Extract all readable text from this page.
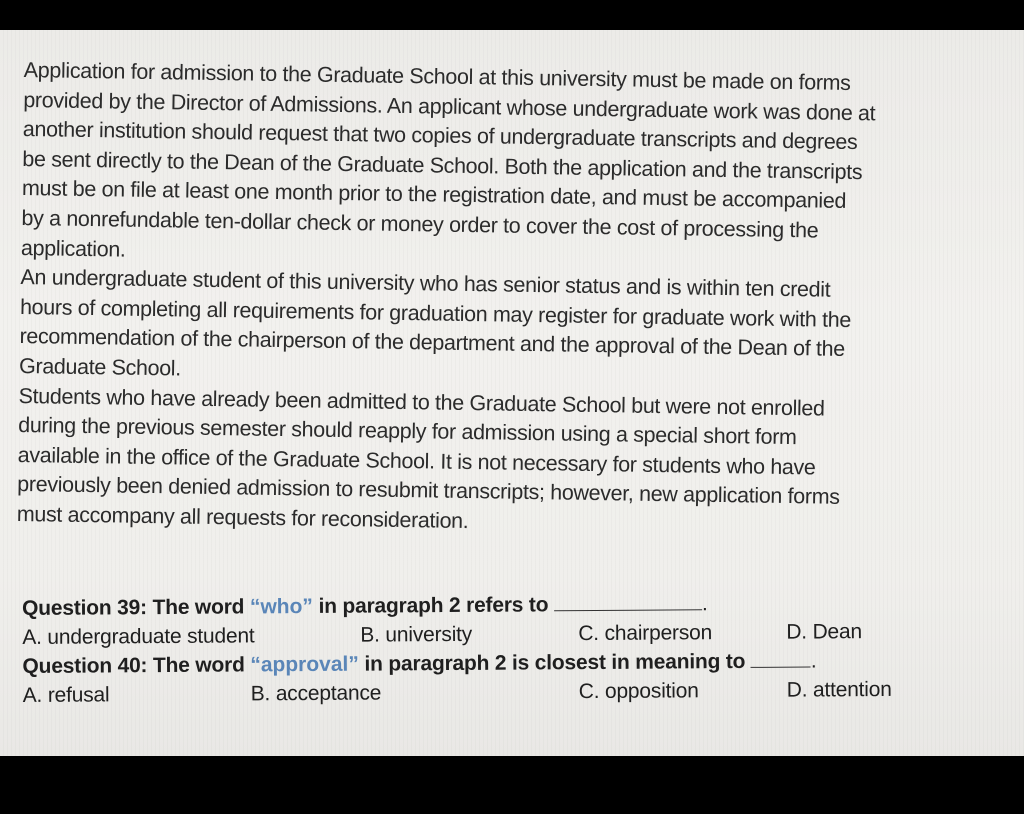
Application for admission to the Graduate School at this university must be made on forms
provided by the Director of Admissions. An applicant whose undergraduate work was done at
another institution should request that two copies of undergraduate transcripts and degrees
be sent directly to the Dean of the Graduate School. Both the application and the transcripts
must be on file at least one month prior to the registration date, and must be accompanied
by a nonrefundable ten-dollar check or money order to cover the cost of processing the
application.

An undergraduate student of this university who has senior status and is within ten credit
hours of completing all requirements for graduation may register for graduate work with the
recommendation of the chairperson of the department and the approval of the Dean of the
Graduate School.

Students who have already been admitted to the Graduate School but were not enrolled
during the previous semester should reapply for admission using a special short form
available in the office of the Graduate School. It is not necessary for students who have
previously been denied admission to resubmit transcripts; however, new application forms
must accompany all requests for reconsideration.

Question 39: The word “who” in paragraph 2 refers to	.
A. undergraduate student	B. university	C. chairperson	D. Dean
Question 40: The word “approval” in paragraph 2 is closest in meaning to	.
A. refusal	B. acceptance	C. opposition	D. attention
